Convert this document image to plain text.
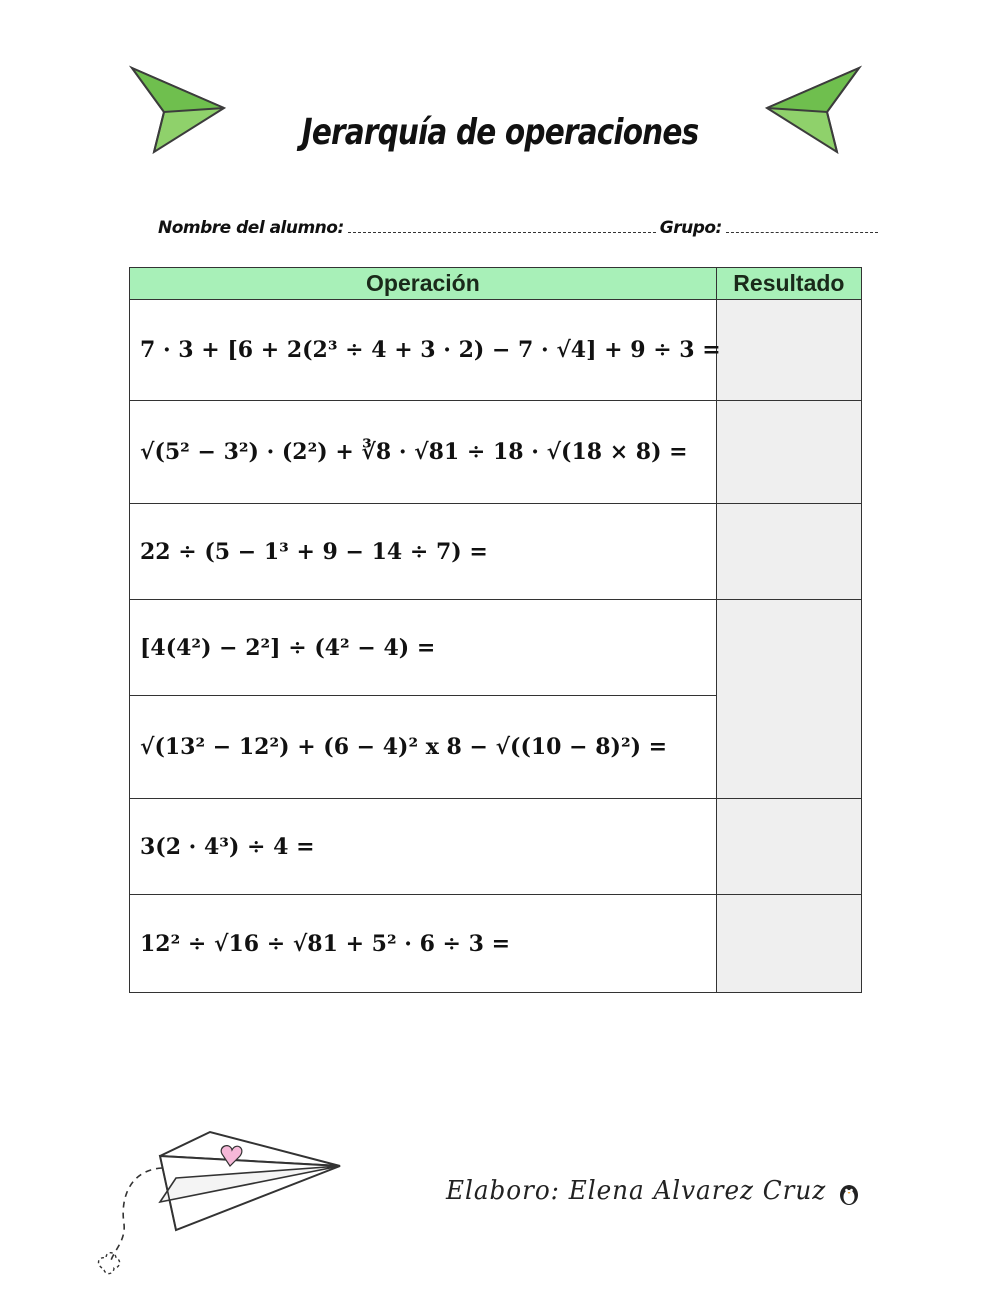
Jerarquía de operaciones
Nombre del alumno:	Grupo:
Operación	Resultado
7 · 3 + [6 + 2(2³ ÷ 4 + 3 · 2) − 7 · √4] + 9 ÷ 3 =	
√(5² − 3²) · (2²) + ∛8 · √81 ÷ 18 · √(18 × 8) =	
22 ÷ (5 − 1³ + 9 − 14 ÷ 7) =	
[4(4²) − 2²] ÷ (4² − 4) =	
√(13² − 12²) + (6 − 4)² x 8 − √((10 − 8)²) =	
3(2 · 4³) ÷ 4 =	
12² ÷ √16 ÷ √81 + 5² · 6 ÷ 3 =	
Elaboro: Elena Alvarez Cruz
